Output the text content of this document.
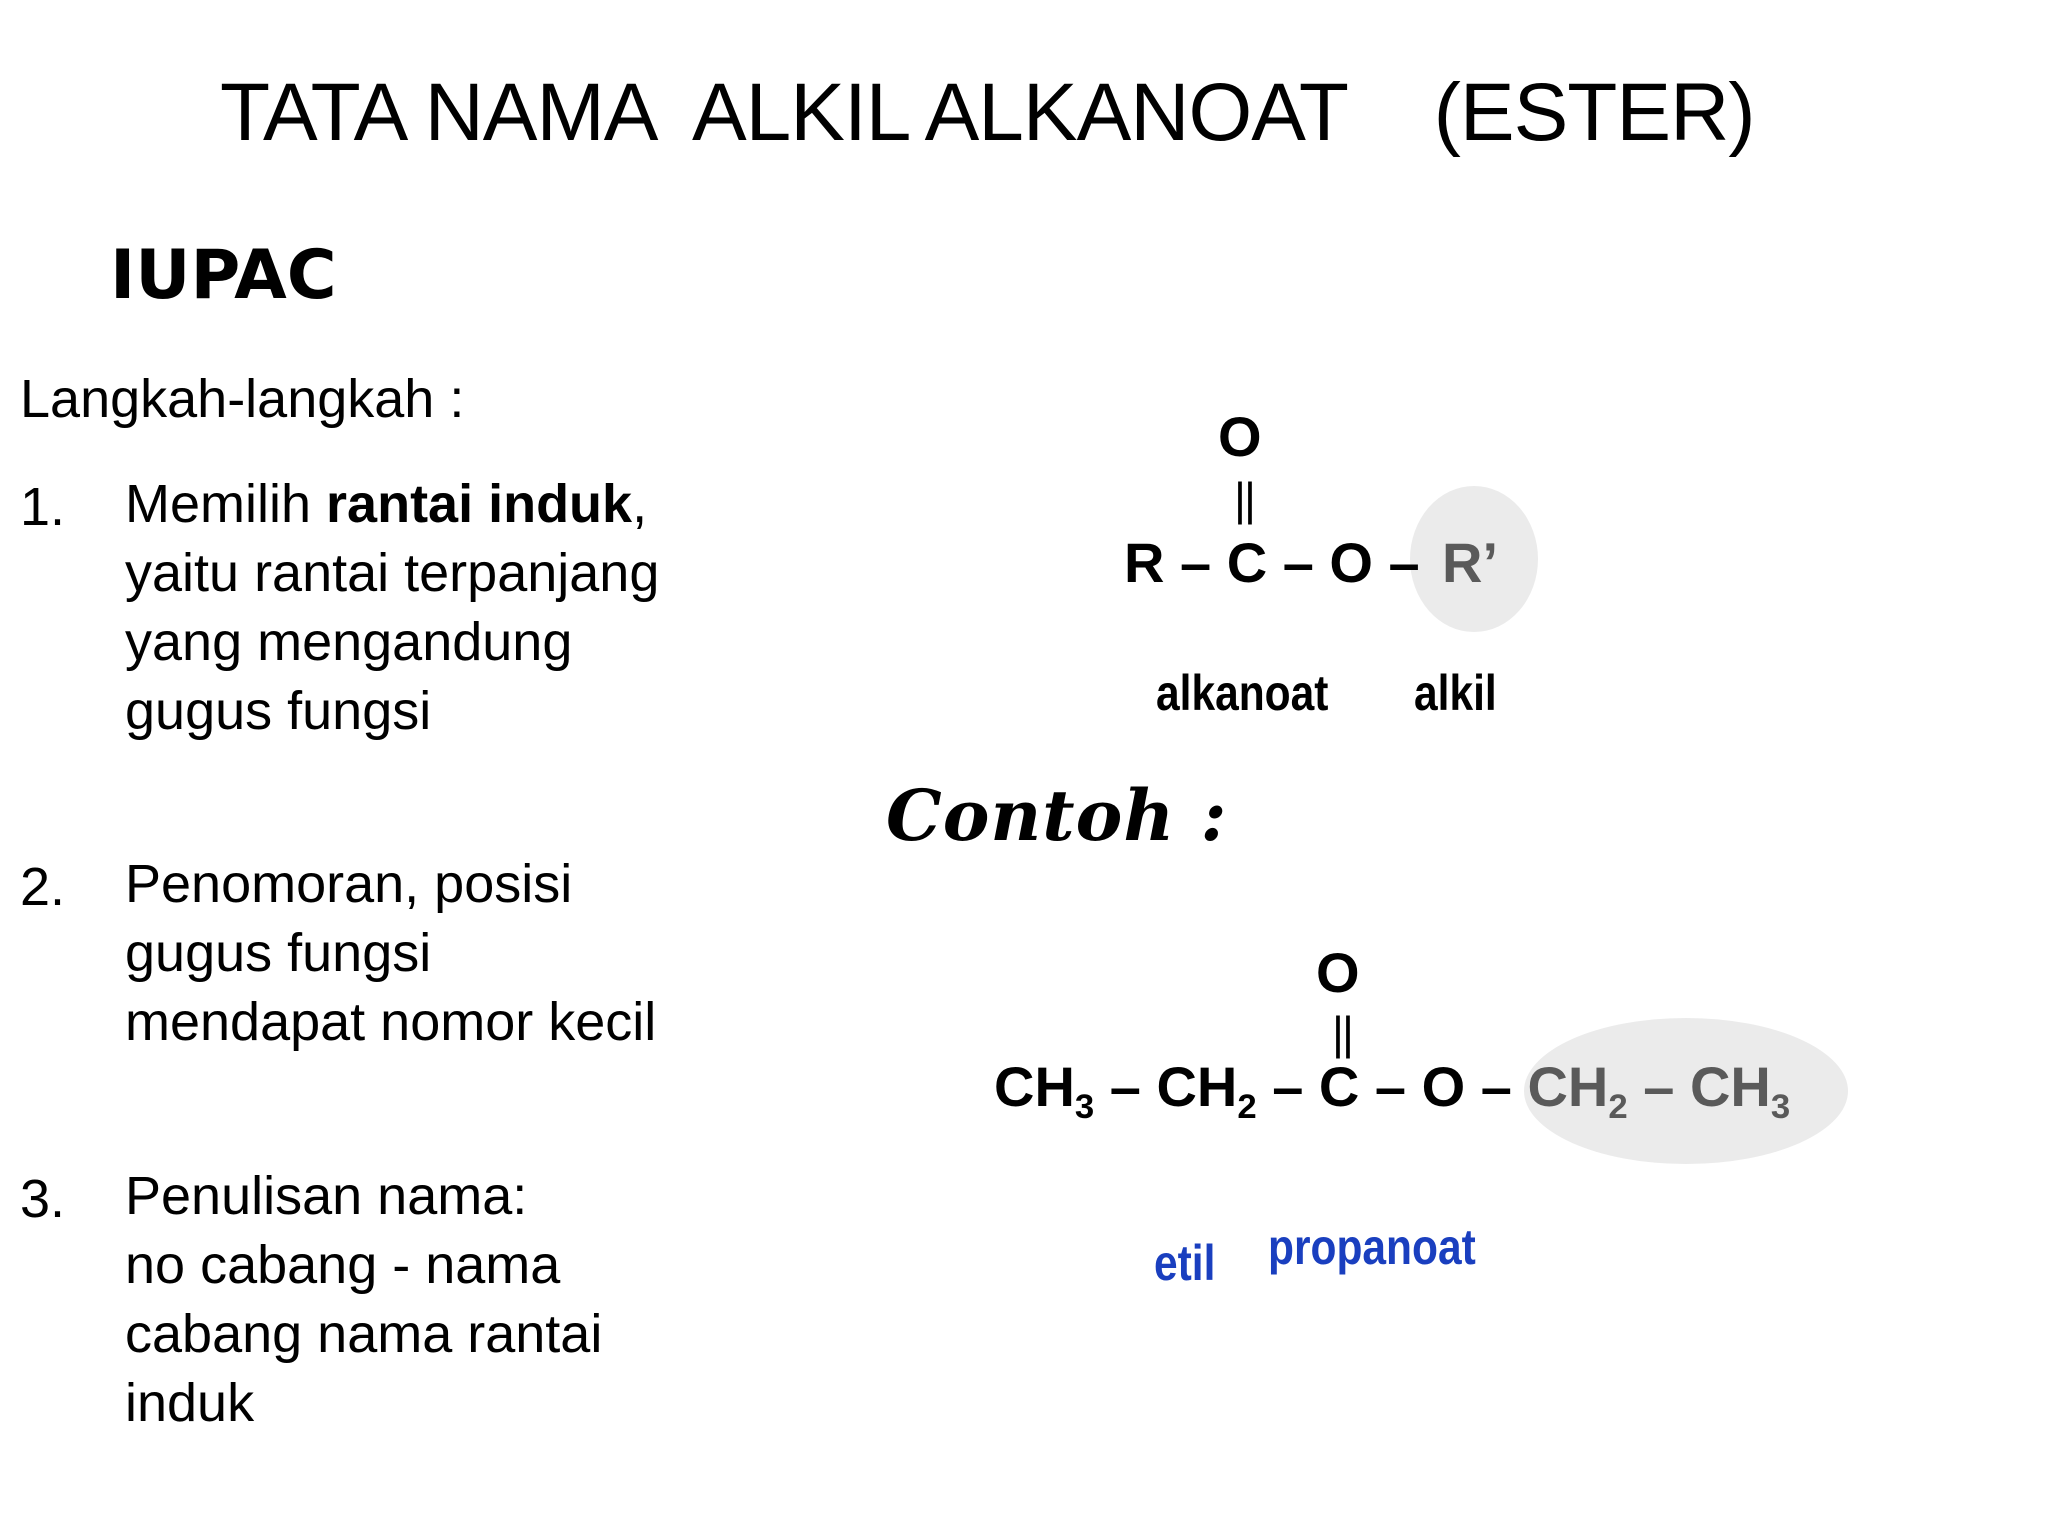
TATA NAMA  ALKIL ALKANOAT    (ESTER)
IUPAC
Langkah-langkah :
1. Memilih rantai induk, yaitu rantai terpanjang yang mengandung gugus fungsi
2. Penomoran, posisi gugus fungsi mendapat nomor kecil
3. Penulisan nama:
no cabang - nama cabang nama rantai induk
O
||
R – C – O – R’
alkanoat alkil
Contoh :
O
||
$CH_3 - CH_2$ – C – O – $CH_2 - CH_3$
etil propanoat
